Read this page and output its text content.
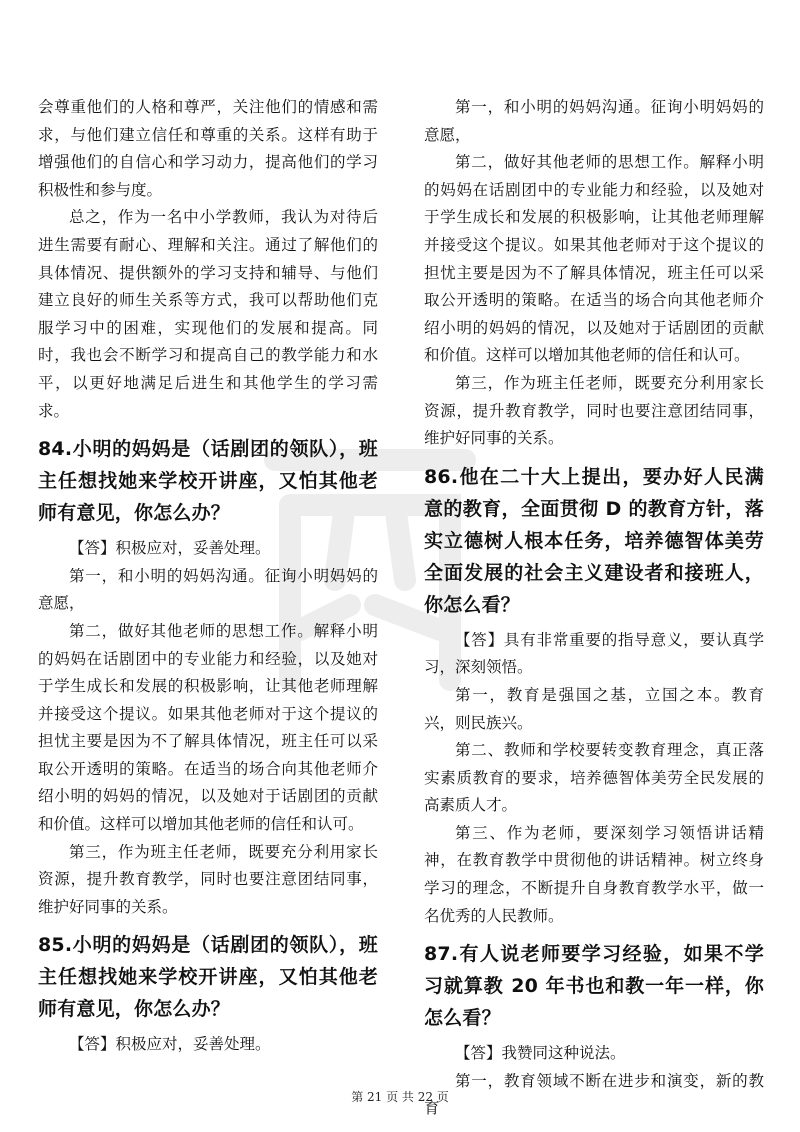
会尊重他们的人格和尊严，关注他们的情感和需求，与他们建立信任和尊重的关系。这样有助于增强他们的自信心和学习动力，提高他们的学习积极性和参与度。

总之，作为一名中小学教师，我认为对待后进生需要有耐心、理解和关注。通过了解他们的具体情况、提供额外的学习支持和辅导、与他们建立良好的师生关系等方式，我可以帮助他们克服学习中的困难，实现他们的发展和提高。同时，我也会不断学习和提高自己的教学能力和水平，以更好地满足后进生和其他学生的学习需求。

84.小明的妈妈是（话剧团的领队），班主任想找她来学校开讲座，又怕其他老师有意见，你怎么办？

【答】积极应对，妥善处理。

第一，和小明的妈妈沟通。征询小明妈妈的意愿，

第二，做好其他老师的思想工作。解释小明的妈妈在话剧团中的专业能力和经验，以及她对于学生成长和发展的积极影响，让其他老师理解并接受这个提议。如果其他老师对于这个提议的担忧主要是因为不了解具体情况，班主任可以采取公开透明的策略。在适当的场合向其他老师介绍小明的妈妈的情况，以及她对于话剧团的贡献和价值。这样可以增加其他老师的信任和认可。

第三，作为班主任老师，既要充分利用家长资源，提升教育教学，同时也要注意团结同事，维护好同事的关系。

85.小明的妈妈是（话剧团的领队），班主任想找她来学校开讲座，又怕其他老师有意见，你怎么办？

【答】积极应对，妥善处理。

第一，和小明的妈妈沟通。征询小明妈妈的意愿，

第二，做好其他老师的思想工作。解释小明的妈妈在话剧团中的专业能力和经验，以及她对于学生成长和发展的积极影响，让其他老师理解并接受这个提议。如果其他老师对于这个提议的担忧主要是因为不了解具体情况，班主任可以采取公开透明的策略。在适当的场合向其他老师介绍小明的妈妈的情况，以及她对于话剧团的贡献和价值。这样可以增加其他老师的信任和认可。

第三，作为班主任老师，既要充分利用家长资源，提升教育教学，同时也要注意团结同事，维护好同事的关系。

86.他在二十大上提出，要办好人民满意的教育，全面贯彻 D 的教育方针，落实立德树人根本任务，培养德智体美劳全面发展的社会主义建设者和接班人，你怎么看？

【答】具有非常重要的指导意义，要认真学习，深刻领悟。

第一，教育是强国之基，立国之本。教育兴，则民族兴。

第二、教师和学校要转变教育理念，真正落实素质教育的要求，培养德智体美劳全民发展的高素质人才。

第三、作为老师，要深刻学习领悟讲话精神，在教育教学中贯彻他的讲话精神。树立终身学习的理念，不断提升自身教育教学水平，做一名优秀的人民教师。

87.有人说老师要学习经验，如果不学习就算教 20 年书也和教一年一样，你怎么看？

【答】我赞同这种说法。

第一，教育领域不断在进步和演变，新的教育

第 21 页 共 22 页
